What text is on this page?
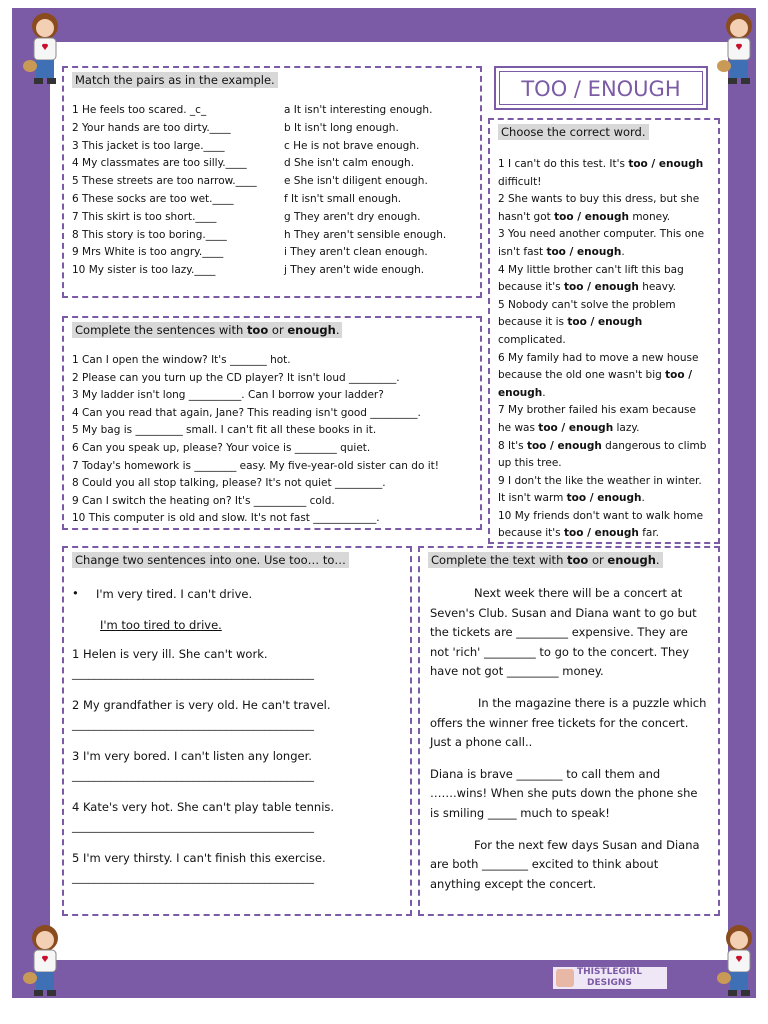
TOO / ENOUGH
Match the pairs as in the example.
1 He feels too scared. _c_
2 Your hands are too dirty.____
3 This jacket is too large.____
4 My classmates are too silly.____
5 These streets are too narrow.____
6 These socks are too wet.____
7 This skirt is too short.____
8 This story is too boring.____
9 Mrs White is too angry.____
10 My sister is too lazy.____
a It isn't interesting enough.
b It isn't long enough.
c He is not brave enough.
d She isn't calm enough.
e She isn't diligent enough.
f It isn't small enough.
g They aren't dry enough.
h They aren't sensible enough.
i They aren't clean enough.
j They aren't wide enough.
Complete the sentences with too or enough.
1 Can I open the window? It's _______ hot.
2 Please can you turn up the CD player? It isn't loud _________.
3 My ladder isn't long __________. Can I borrow your ladder?
4 Can you read that again, Jane? This reading isn't good _________.
5 My bag is _________ small. I can't fit all these books in it.
6 Can you speak up, please? Your voice is ________ quiet.
7 Today's homework is ________ easy. My five-year-old sister can do it!
8 Could you all stop talking, please? It's not quiet _________.
9 Can I switch the heating on? It's __________ cold.
10 This computer is old and slow. It's not fast ____________.
Choose the correct word.
1 I can't do this test. It's too / enough difficult!
2 She wants to buy this dress, but she hasn't got too / enough money.
3 You need another computer. This one isn't fast too / enough.
4 My little brother can't lift this bag because it's too / enough heavy.
5 Nobody can't solve the problem because it is too / enough complicated.
6 My family had to move a new house because the old one wasn't big too / enough.
7 My brother failed his exam because he was too / enough lazy.
8 It's too / enough dangerous to climb up this tree.
9 I don't the like the weather in winter. It isn't warm too / enough.
10 My friends don't want to walk home because it's too / enough far.
Change two sentences into one. Use too… to…
• I'm very tired. I can't drive.
I'm too tired to drive.
1 Helen is very ill. She can't work.
____________________________________________
2 My grandfather is very old. He can't travel.
____________________________________________
3 I'm very bored. I can't listen any longer.
____________________________________________
4 Kate's very hot. She can't play table tennis.
____________________________________________
5 I'm very thirsty. I can't finish this exercise.
____________________________________________
Complete the text with too or enough.
Next week there will be a concert at Seven's Club. Susan and Diana want to go but the tickets are _________ expensive. They are not 'rich' _________ to go to the concert. They have not got _________ money.
In the magazine there is a puzzle which offers the winner free tickets for the concert. Just a phone call..
Diana is brave ________ to call them and …….wins! When she puts down the phone she is smiling _____ much to speak!
For the next few days Susan and Diana are both ________ excited to think about anything except the concert.
THISTLEGIRL
DESIGNS
